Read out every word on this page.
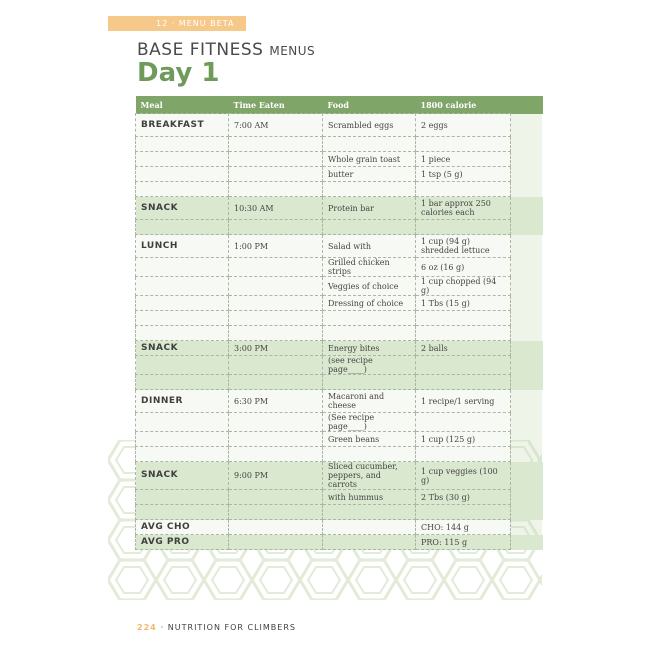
12 · MENU BETA
BASE FITNESS MENUS
Day 1
Meal	Time Eaten	Food	1800 calorie	
BREAKFAST	7:00 AM	Scrambled eggs	2 eggs	

		Whole grain toast	1 piece	
		butter	1 tsp (5 g)	

SNACK	10:30 AM	Protein bar	1 bar approx 250 calories each	

LUNCH	1:00 PM	Salad with	1 cup (94 g) shredded lettuce	
		Grilled chicken strips	6 oz (16 g)	
		Veggies of choice	1 cup chopped (94 g)	
		Dressing of choice	1 Tbs (15 g)	

SNACK	3:00 PM	Energy bites	2 balls	
		(see recipe page____)		

DINNER	6:30 PM	Macaroni and cheese	1 recipe/1 serving	
		(See recipe page____)		
		Green beans	1 cup (125 g)	

SNACK	9:00 PM	Sliced cucumber, peppers, and carrots	1 cup veggies (100 g)	
		with hummus	2 Tbs (30 g)	

AVG CHO			CHO: 144 g	
AVG PRO			PRO: 115 g	
224 · NUTRITION FOR CLIMBERS
